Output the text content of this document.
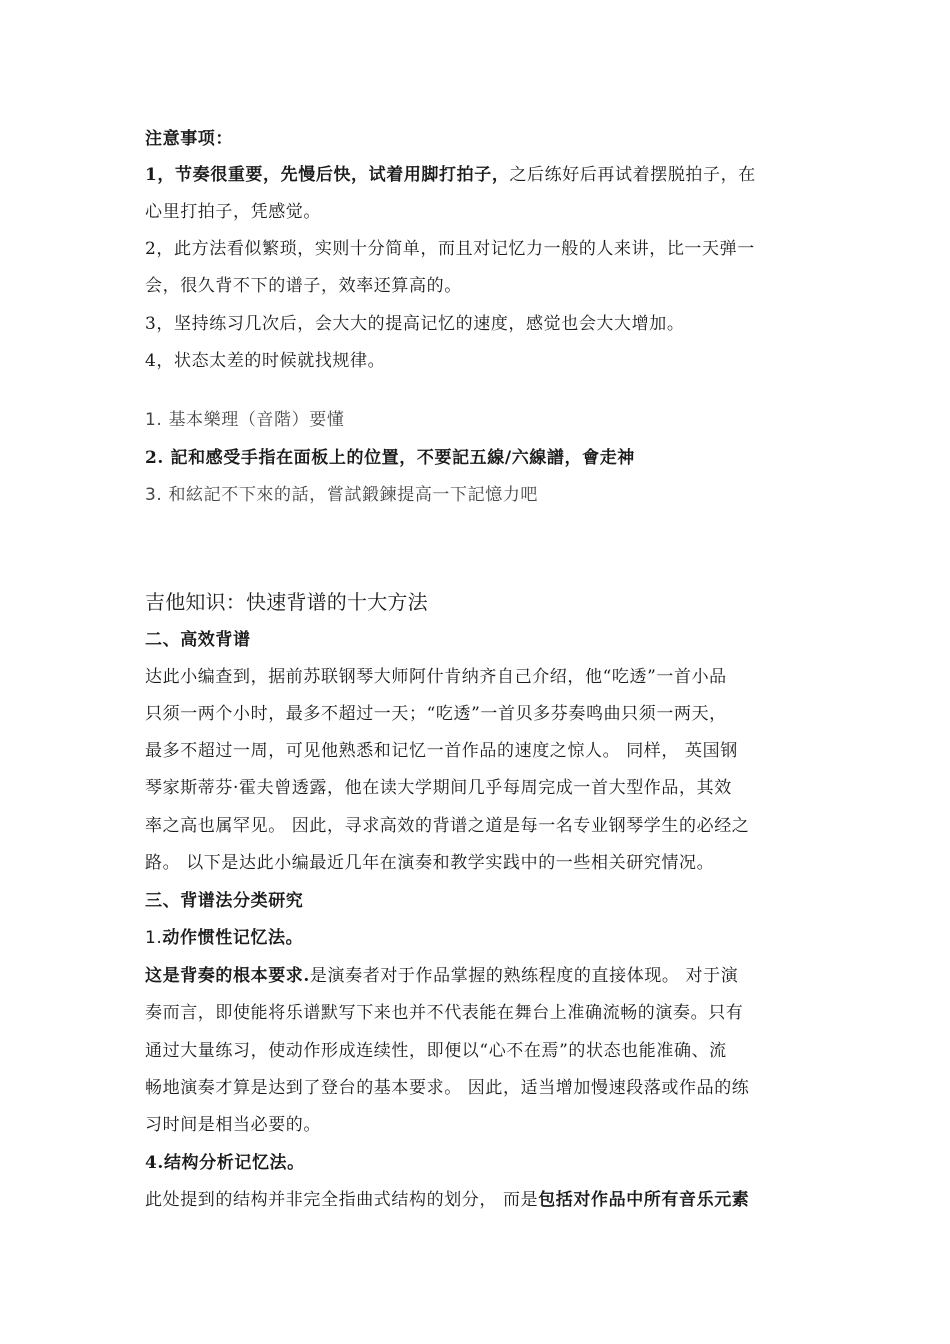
注意事项：

1，节奏很重要，先慢后快，试着用脚打拍子，之后练好后再试着摆脱拍子，在

心里打拍子，凭感觉。

2，此方法看似繁琐，实则十分简单，而且对记忆力一般的人来讲，比一天弹一

会，很久背不下的谱子，效率还算高的。

3，坚持练习几次后，会大大的提高记忆的速度，感觉也会大大增加。

4，状态太差的时候就找规律。

1. 基本樂理（音階）要懂

2. 記和感受手指在面板上的位置，不要記五線/六線譜，會走神

3. 和絃記不下來的話，嘗試鍛鍊提高一下記憶力吧

吉他知识：快速背谱的十大方法

二、高效背谱

达此小编查到，据前苏联钢琴大师阿什肯纳齐自己介绍，他“吃透”一首小品

只须一两个小时，最多不超过一天；“吃透”一首贝多芬奏鸣曲只须一两天，

最多不超过一周，可见他熟悉和记忆一首作品的速度之惊人。 同样， 英国钢

琴家斯蒂芬·霍夫曾透露，他在读大学期间几乎每周完成一首大型作品，其效

率之高也属罕见。 因此，寻求高效的背谱之道是每一名专业钢琴学生的必经之

路。 以下是达此小编最近几年在演奏和教学实践中的一些相关研究情况。

三、背谱法分类研究

1.动作惯性记忆法。

这是背奏的根本要求.是演奏者对于作品掌握的熟练程度的直接体现。 对于演

奏而言，即使能将乐谱默写下来也并不代表能在舞台上准确流畅的演奏。只有

通过大量练习，使动作形成连续性，即便以“心不在焉”的状态也能准确、流

畅地演奏才算是达到了登台的基本要求。 因此，适当增加慢速段落或作品的练

习时间是相当必要的。

4.结构分析记忆法。

此处提到的结构并非完全指曲式结构的划分， 而是包括对作品中所有音乐元素
